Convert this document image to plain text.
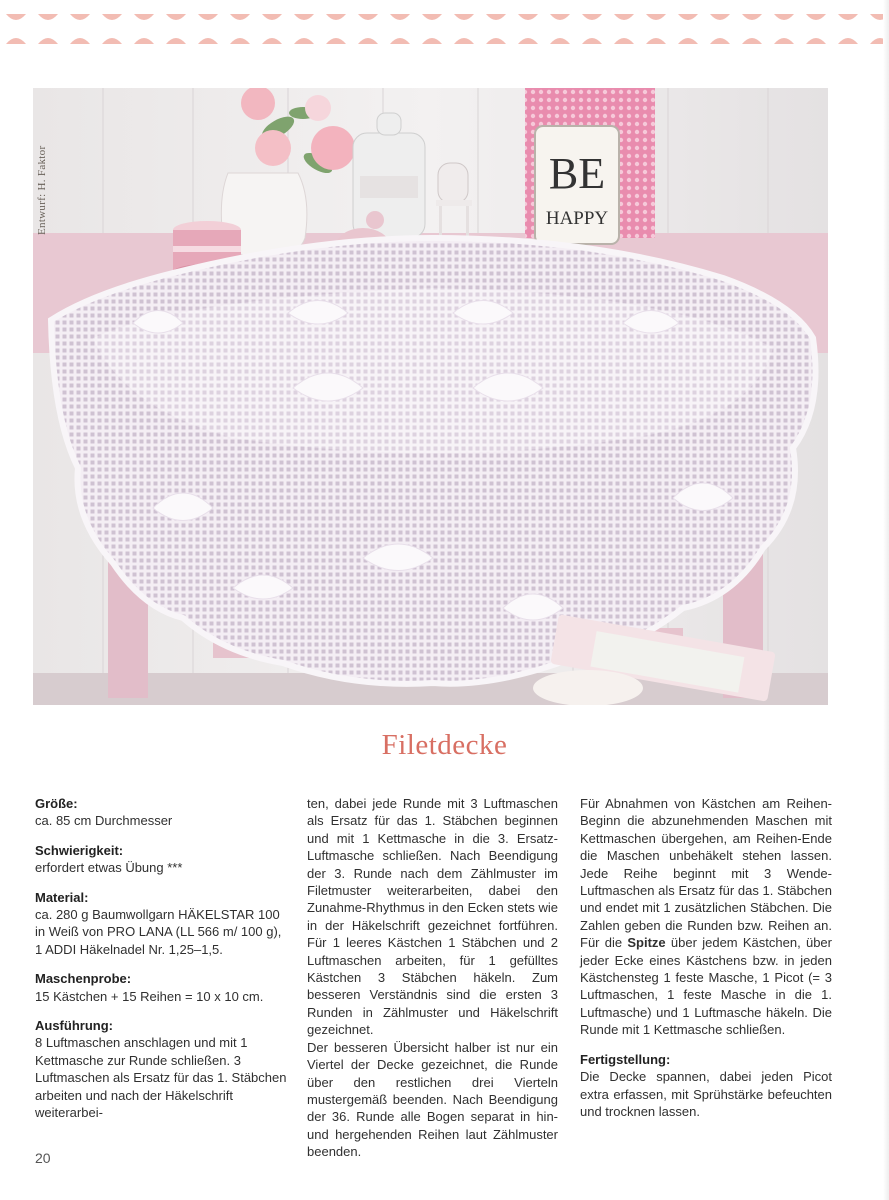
BE
HAPPY
Entwurf: H. Faktor
Filetdecke
Größe:
ca. 85 cm Durchmesser
Schwierigkeit:
erfordert etwas Übung ***
Material:
ca. 280 g Baumwollgarn HÄKELSTAR 100 in Weiß von PRO LANA (LL 566 m/ 100 g), 1 ADDI Häkelnadel Nr. 1,25–1,5.
Maschenprobe:
15 Kästchen + 15 Reihen = 10 x 10 cm.
Ausführung:
8 Luftmaschen anschlagen und mit 1 Kettmasche zur Runde schließen. 3 Luftmaschen als Ersatz für das 1. Stäbchen arbeiten und nach der Häkelschrift weiterarbei-
ten, dabei jede Runde mit 3 Luftmaschen als Ersatz für das 1. Stäbchen beginnen und mit 1 Kettmasche in die 3. Ersatz-Luftmasche schließen. Nach Beendigung der 3. Runde nach dem Zählmuster im Filetmuster weiterarbeiten, dabei den Zunahme-Rhythmus in den Ecken stets wie in der Häkelschrift gezeichnet fortführen. Für 1 leeres Kästchen 1 Stäbchen und 2 Luftmaschen arbeiten, für 1 gefülltes Kästchen 3 Stäbchen häkeln. Zum besseren Verständnis sind die ersten 3 Runden in Zählmuster und Häkelschrift gezeichnet.
Der besseren Übersicht halber ist nur ein Viertel der Decke gezeichnet, die Runde über den restlichen drei Vierteln mustergemäß beenden. Nach Beendigung der 36. Runde alle Bogen separat in hin- und hergehenden Reihen laut Zählmuster beenden.
Für Abnahmen von Kästchen am Reihen-Beginn die abzunehmenden Maschen mit Kettmaschen übergehen, am Reihen-Ende die Maschen unbehäkelt stehen lassen. Jede Reihe beginnt mit 3 Wende-Luftmaschen als Ersatz für das 1. Stäbchen und endet mit 1 zusätzlichen Stäbchen. Die Zahlen geben die Runden bzw. Reihen an. Für die Spitze über jedem Kästchen, über jeder Ecke eines Kästchens bzw. in jeden Kästchensteg 1 feste Masche, 1 Picot (= 3 Luftmaschen, 1 feste Masche in die 1. Luftmasche) und 1 Luftmasche häkeln. Die Runde mit 1 Kettmasche schließen.
Fertigstellung:
Die Decke spannen, dabei jeden Picot extra erfassen, mit Sprühstärke befeuchten und trocknen lassen.
20
